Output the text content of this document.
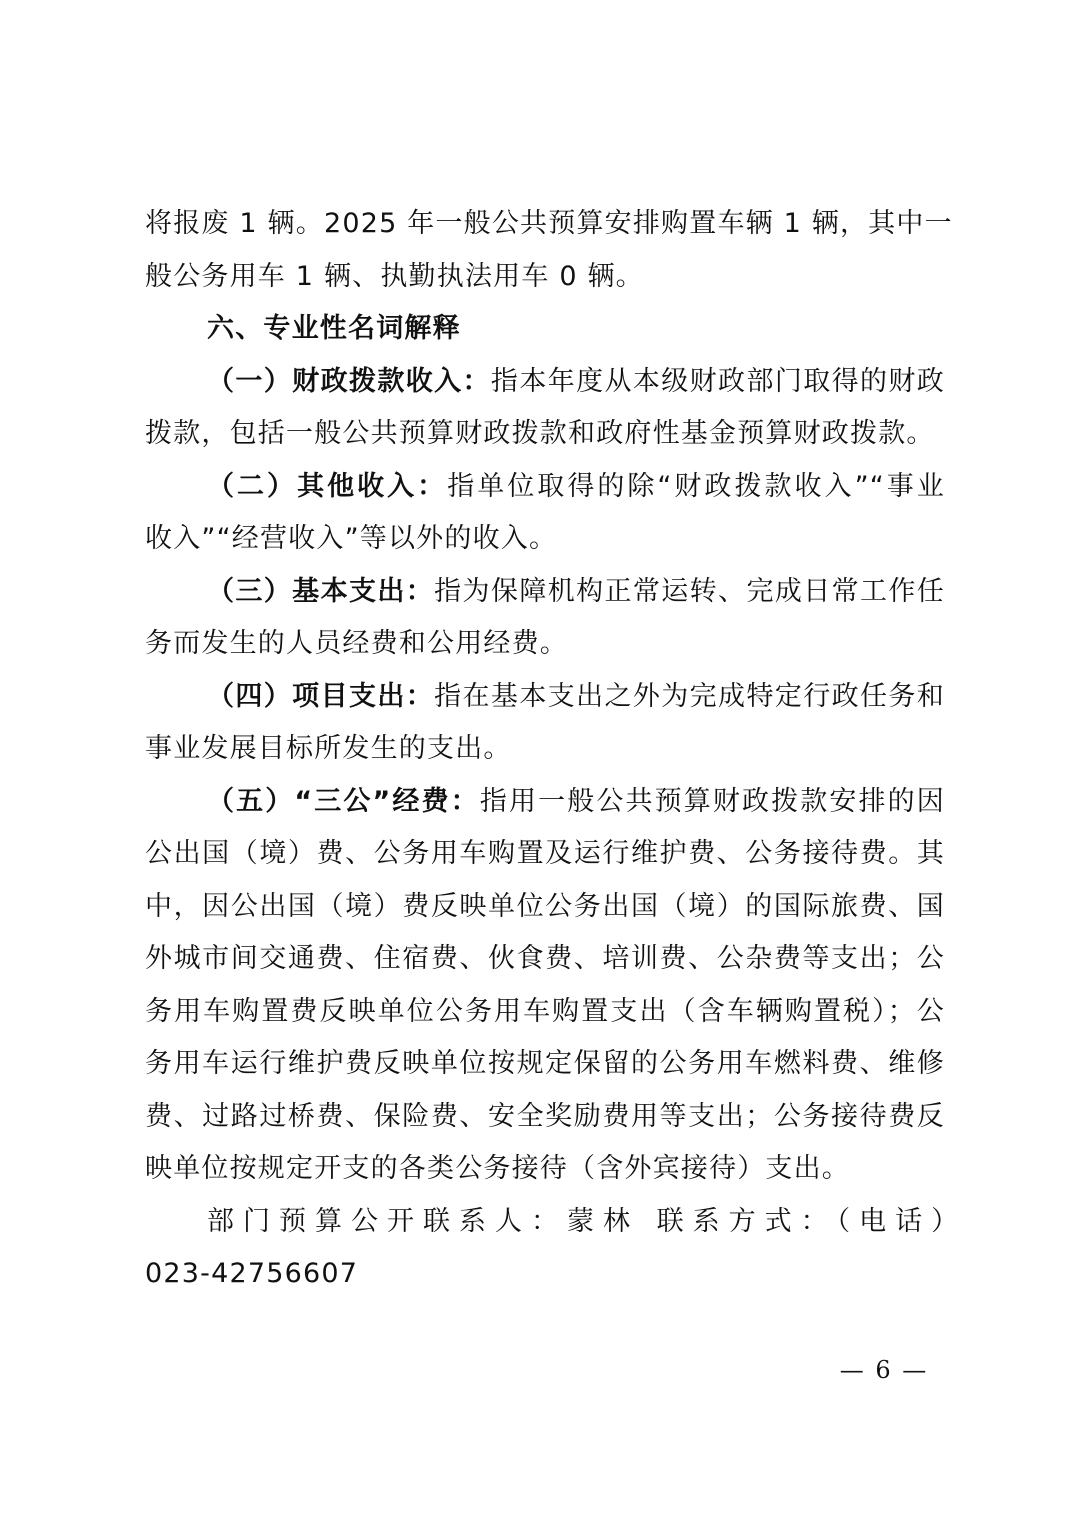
将报废 1 辆。2025 年一般公共预算安排购置车辆 1 辆，其中一
般公务用车 1 辆、执勤执法用车 0 辆。
六、专业性名词解释
（一）财政拨款收入：指本年度从本级财政部门取得的财政
拨款，包括一般公共预算财政拨款和政府性基金预算财政拨款。
（二）其他收入：指单位取得的除“财政拨款收入”“事业
收入”“经营收入”等以外的收入。
（三）基本支出：指为保障机构正常运转、完成日常工作任
务而发生的人员经费和公用经费。
（四）项目支出：指在基本支出之外为完成特定行政任务和
事业发展目标所发生的支出。
（五）“三公”经费：指用一般公共预算财政拨款安排的因
公出国（境）费、公务用车购置及运行维护费、公务接待费。其
中，因公出国（境）费反映单位公务出国（境）的国际旅费、国
外城市间交通费、住宿费、伙食费、培训费、公杂费等支出；公
务用车购置费反映单位公务用车购置支出（含车辆购置税）；公
务用车运行维护费反映单位按规定保留的公务用车燃料费、维修
费、过路过桥费、保险费、安全奖励费用等支出；公务接待费反
映单位按规定开支的各类公务接待（含外宾接待）支出。
部门预算公开联系人：蒙林 联系方式：（电话）
023-42756607
— 6 —
